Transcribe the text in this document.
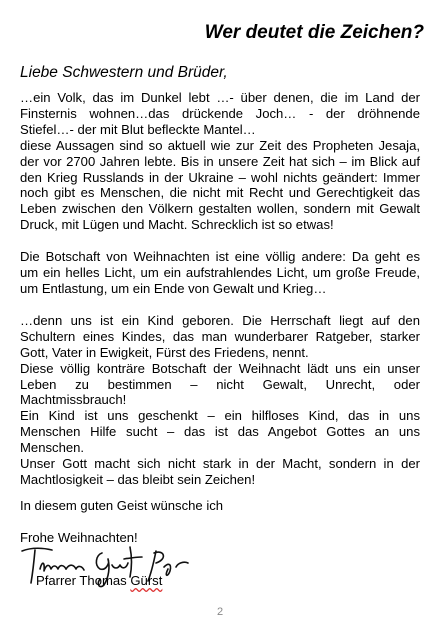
Wer deutet die Zeichen?
Liebe Schwestern und Brüder,

…ein Volk, das im Dunkel lebt …- über denen, die im Land der
Finsternis wohnen…das drückende Joch… - der dröhnende
Stiefel…- der mit Blut befleckte Mantel…
diese Aussagen sind so aktuell wie zur Zeit des Propheten Jesaja,
der vor 2700 Jahren lebte. Bis in unsere Zeit hat sich – im Blick auf
den Krieg Russlands in der Ukraine – wohl nichts geändert: Immer
noch gibt es Menschen, die nicht mit Recht und Gerechtigkeit das
Leben zwischen den Völkern gestalten wollen, sondern mit Gewalt
Druck, mit Lügen und Macht. Schrecklich ist so etwas!

Die Botschaft von Weihnachten ist eine völlig andere: Da geht es
um ein helles Licht, um ein aufstrahlendes Licht, um große Freude,
um Entlastung, um ein Ende von Gewalt und Krieg…

…denn uns ist ein Kind geboren. Die Herrschaft liegt auf den
Schultern eines Kindes, das man wunderbarer Ratgeber, starker
Gott, Vater in Ewigkeit, Fürst des Friedens, nennt.
Diese völlig konträre Botschaft der Weihnacht lädt uns ein unser
Leben zu bestimmen – nicht Gewalt, Unrecht, oder
Machtmissbrauch!
Ein Kind ist uns geschenkt – ein hilfloses Kind, das in uns
Menschen Hilfe sucht – das ist das Angebot Gottes an uns
Menschen.
Unser Gott macht sich nicht stark in der Macht, sondern in der
Machtlosigkeit – das bleibt sein Zeichen!

In diesem guten Geist wünsche ich
Frohe Weihnachten!
Pfarrer Thomas Gürst
2
